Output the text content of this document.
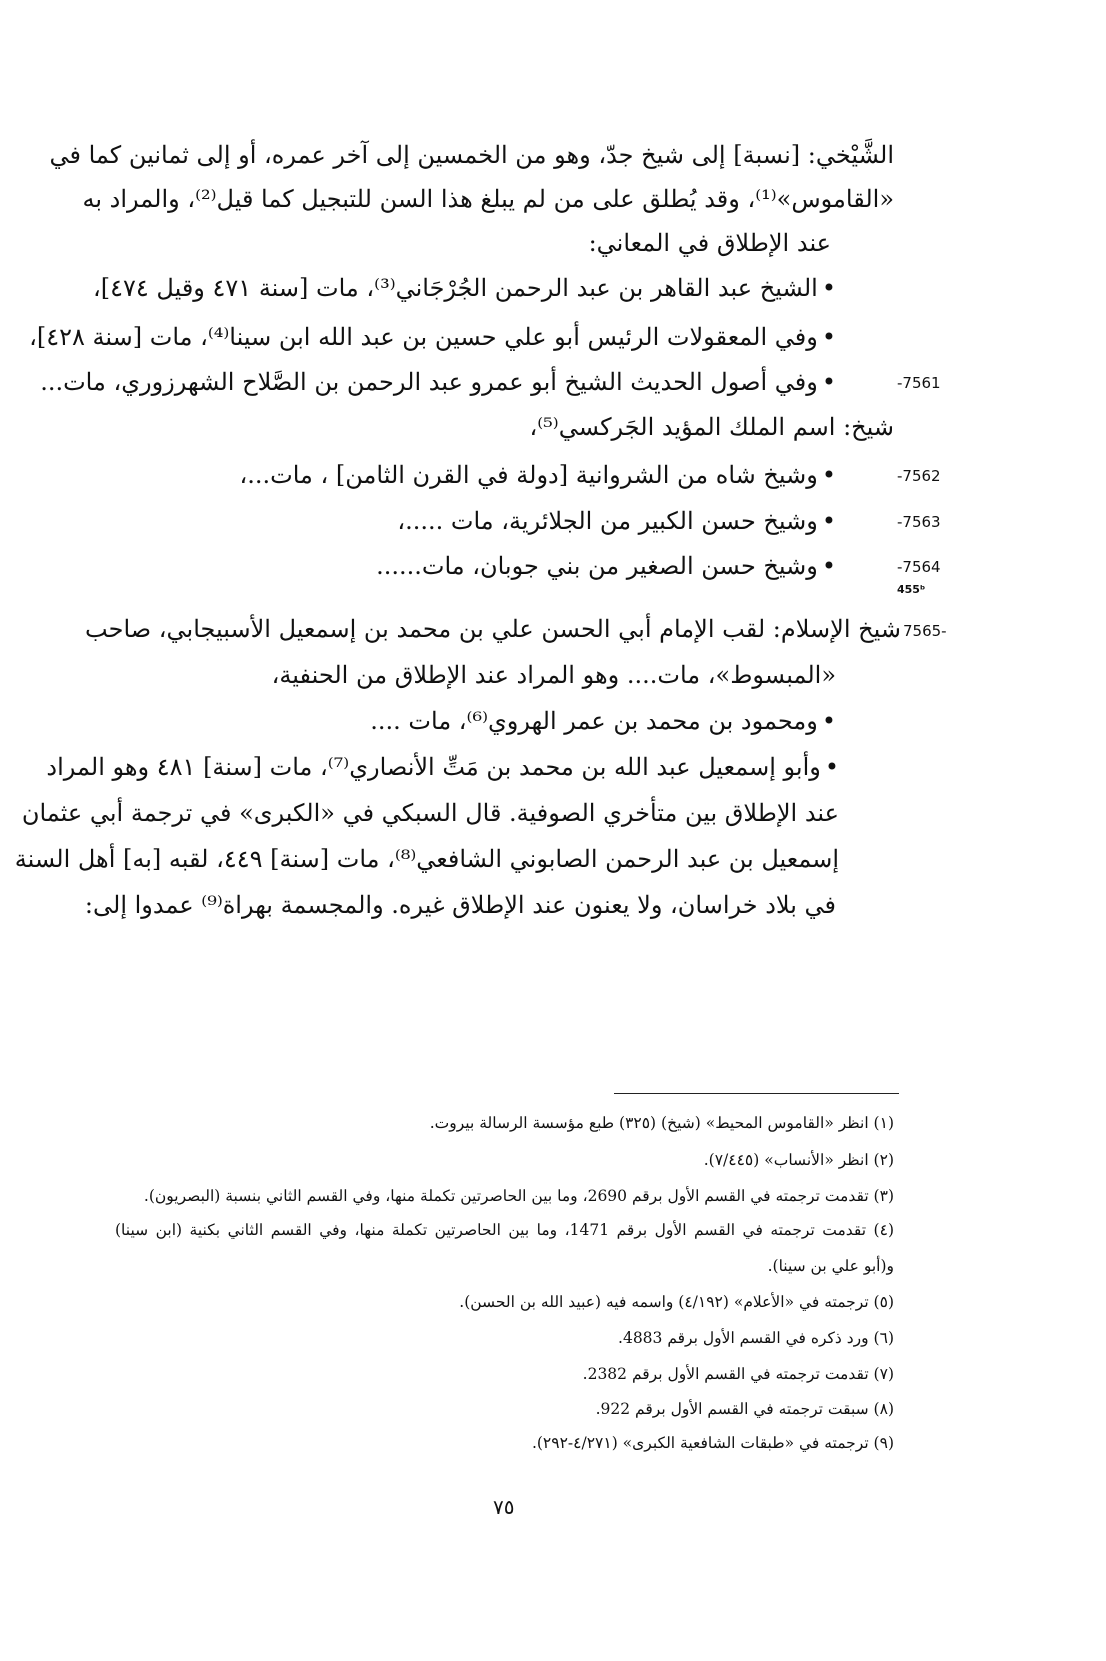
الشَّيْخي: [نسبة] إلى شيخ جدّ، وهو من الخمسين إلى آخر عمره، أو إلى ثمانين كما في
«القاموس»⁽¹⁾، وقد يُطلق على من لم يبلغ هذا السن للتبجيل كما قيل⁽²⁾، والمراد به
عند الإطلاق في المعاني:
• الشيخ عبد القاهر بن عبد الرحمن الجُرْجَاني⁽³⁾، مات [سنة ٤٧١ وقيل ٤٧٤]،
• وفي المعقولات الرئيس أبو علي حسين بن عبد الله ابن سينا⁽⁴⁾، مات [سنة ٤٢٨]،
• وفي أصول الحديث الشيخ أبو عمرو عبد الرحمن بن الصَّلاح الشهرزوري، مات...
شيخ: اسم الملك المؤيد الجَركسي⁽⁵⁾،
• وشيخ شاه من الشروانية [دولة في القرن الثامن] ، مات...،
• وشيخ حسن الكبير من الجلائرية، مات .....،
• وشيخ حسن الصغير من بني جوبان، مات......
شيخ الإسلام: لقب الإمام أبي الحسن علي بن محمد بن إسمعيل الأسبيجابي، صاحب
«المبسوط»، مات.... وهو المراد عند الإطلاق من الحنفية،
• ومحمود بن محمد بن عمر الهروي⁽⁶⁾، مات ....
• وأبو إسمعيل عبد الله بن محمد بن مَتِّ الأنصاري⁽⁷⁾، مات [سنة] ٤٨١ وهو المراد
عند الإطلاق بين متأخري الصوفية. قال السبكي في «الكبرى» في ترجمة أبي عثمان
إسمعيل بن عبد الرحمن الصابوني الشافعي⁽⁸⁾، مات [سنة] ٤٤٩، لقبه [به] أهل السنة
في بلاد خراسان، ولا يعنون عند الإطلاق غيره. والمجسمة بهراة⁽⁹⁾ عمدوا إلى:
-7561
-7562
-7563
-7564
7565-
455ᵇ
(١) انظر «القاموس المحيط» (شيخ) (٣٢٥) طبع مؤسسة الرسالة بيروت.
(٢) انظر «الأنساب» (٧/٤٤٥).
(٣) تقدمت ترجمته في القسم الأول برقم 2690، وما بين الحاصرتين تكملة منها، وفي القسم الثاني بنسبة (البصريون).
(٤) تقدمت ترجمته في القسم الأول برقم 1471، وما بين الحاصرتين تكملة منها، وفي القسم الثاني بكنية (ابن سينا)
و(أبو علي بن سينا).
(٥) ترجمته في «الأعلام» (٤/١٩٢) واسمه فيه (عبيد الله بن الحسن).
(٦) ورد ذكره في القسم الأول برقم 4883.
(٧) تقدمت ترجمته في القسم الأول برقم 2382.
(٨) سبقت ترجمته في القسم الأول برقم 922.
(٩) ترجمته في «طبقات الشافعية الكبرى» (٤/٢٧١-٢٩٢).
٧٥
